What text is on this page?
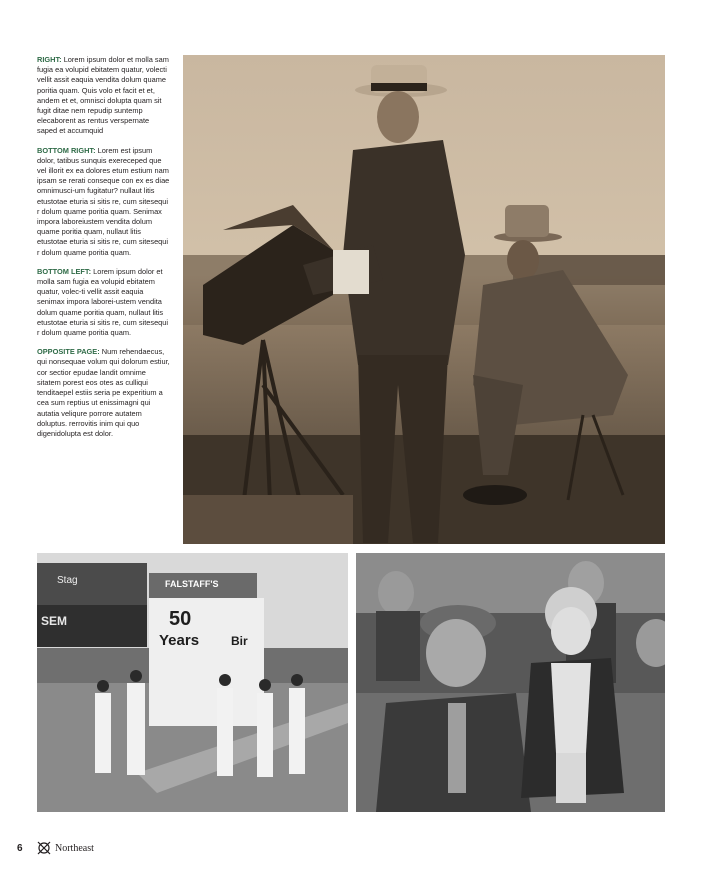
RIGHT: Lorem ipsum dolor et molla sam fugia ea volupid ebitatem quatur, volecti vellit assit eaquia vendita dolum quame poritia quam. Quis volo et facit et et, andem et et, omnisci dolupta quam sit fugit ditae nem repudip suntemp elecaborent as rentus verspernate saped et accumquid

BOTTOM RIGHT: Lorem est ipsum dolor, tatibus sunquis exereceped que vel illorit ex ea dolores etum estium nam ipsam se rerati conseque con ex es diae omnimusci-um fugitatur? nullaut litis etustotae eturia si sitis re, cum sitesequi r dolum quame poritia quam. Senimax impora laboreiustem vendita dolum quame poritia quam, nullaut litis etustotae eturia si sitis re, cum sitesequi r dolum quame poritia quam.

BOTTOM LEFT: Lorem ipsum dolor et molla sam fugia ea volupid ebitatem quatur, volec-ti vellit assit eaquia senimax impora laborei-ustem vendita dolum quame poritia quam, nullaut litis etustotae eturia si sitis re, cum sitesequi r dolum quame poritia quam.

OPPOSITE PAGE: Num rehendaecus, qui nonsequae volum qui dolorum estiur, cor sectior epudae landit omnime sitatem porest eos otes as culliqui tenditaepel estiis seria pe experitium a cea sum reptius ut enissimagni qui autatia veliqure porrore autatem doluptus. rerrovitis inim qui quo digenidolupta est dolor.

Stag
SEM
FALSTAFF'S
50
Years	Bir
6	Northeast
